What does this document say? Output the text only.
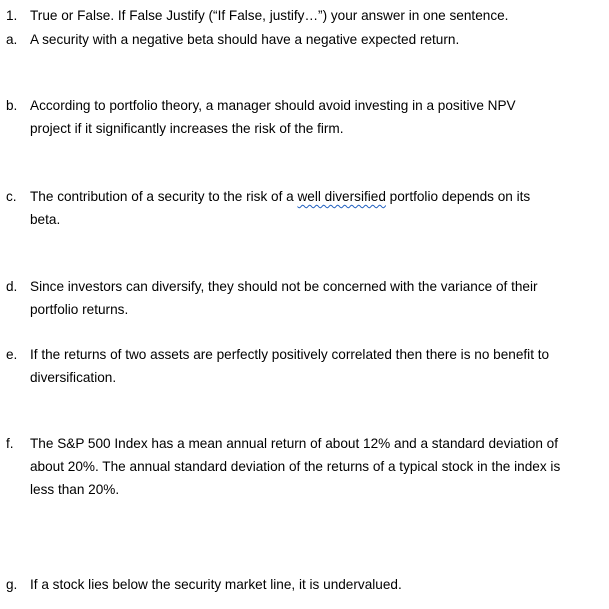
1. True or False. If False Justify (“If False, justify…”) your answer in one sentence.
a. A security with a negative beta should have a negative expected return.
b. According to portfolio theory, a manager should avoid investing in a positive NPV
project if it significantly increases the risk of the firm.
c. The contribution of a security to the risk of a well diversified portfolio depends on its
beta.
d. Since investors can diversify, they should not be concerned with the variance of their
portfolio returns.
e. If the returns of two assets are perfectly positively correlated then there is no benefit to
diversification.
f. The S&P 500 Index has a mean annual return of about 12% and a standard deviation of
about 20%. The annual standard deviation of the returns of a typical stock in the index is
less than 20%.
g. If a stock lies below the security market line, it is undervalued.
